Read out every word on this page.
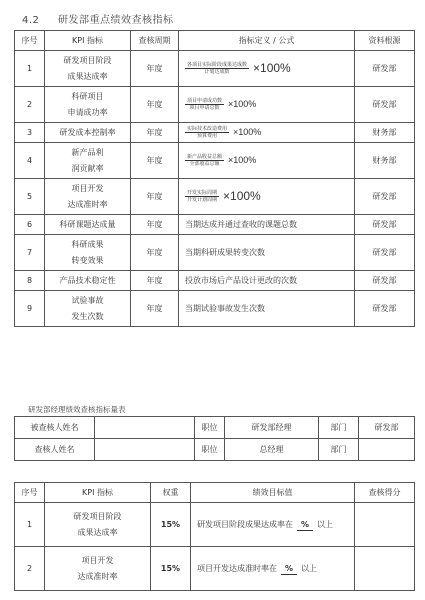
4.2 研发部重点绩效查核指标
序号	KPI 指标	查核周期	指标定义 / 公式	资料根源
1	研发项目阶段
成果达成率	年度	$\frac{\text{各项目实际阶段成果达成数}}{\text{计划达成数}} \times 100\%$	研发部
2	科研项目
申请成功率	年度	$\frac{\text{项目申请成功数}}{\text{项目申请总数}} \times 100\%$	研发部
3	研发成本控制率	年度	$\frac{\text{实际技术改造费用}}{\text{预算费用}} \times 100\%$	财务部
4	新产品利
润贡献率	年度	$\frac{\text{新产品收益总额}}{\text{全部收益总额}} \times 100\%$	财务部
5	项目开发
达成准时率	年度	$\frac{\text{开发实际周期}}{\text{开发计划周期}} \times 100\%$	研发部
6	科研课题达成量	年度	当期达成并通过查收的课题总数	研发部
7	科研成果
转变效果	年度	当期科研成果转变次数	研发部
8	产品技术稳定性	年度	投放市场后产品设计更改的次数	研发部
9	试验事故
发生次数	年度	当期试验事故发生次数	研发部
研发部经理绩效查核指标量表
被查核人姓名		职位	研发部经理	部门	研发部
查核人姓名		职位	总经理	部门	
序号	KPI 指标	权重	绩效目标值	查核得分
1	研发项目阶段
成果达成率	15%	研发项目阶段成果达成率在 % 以上	
2	项目开发
达成准时率	15%	项目开发达成准时率在 % 以上	
